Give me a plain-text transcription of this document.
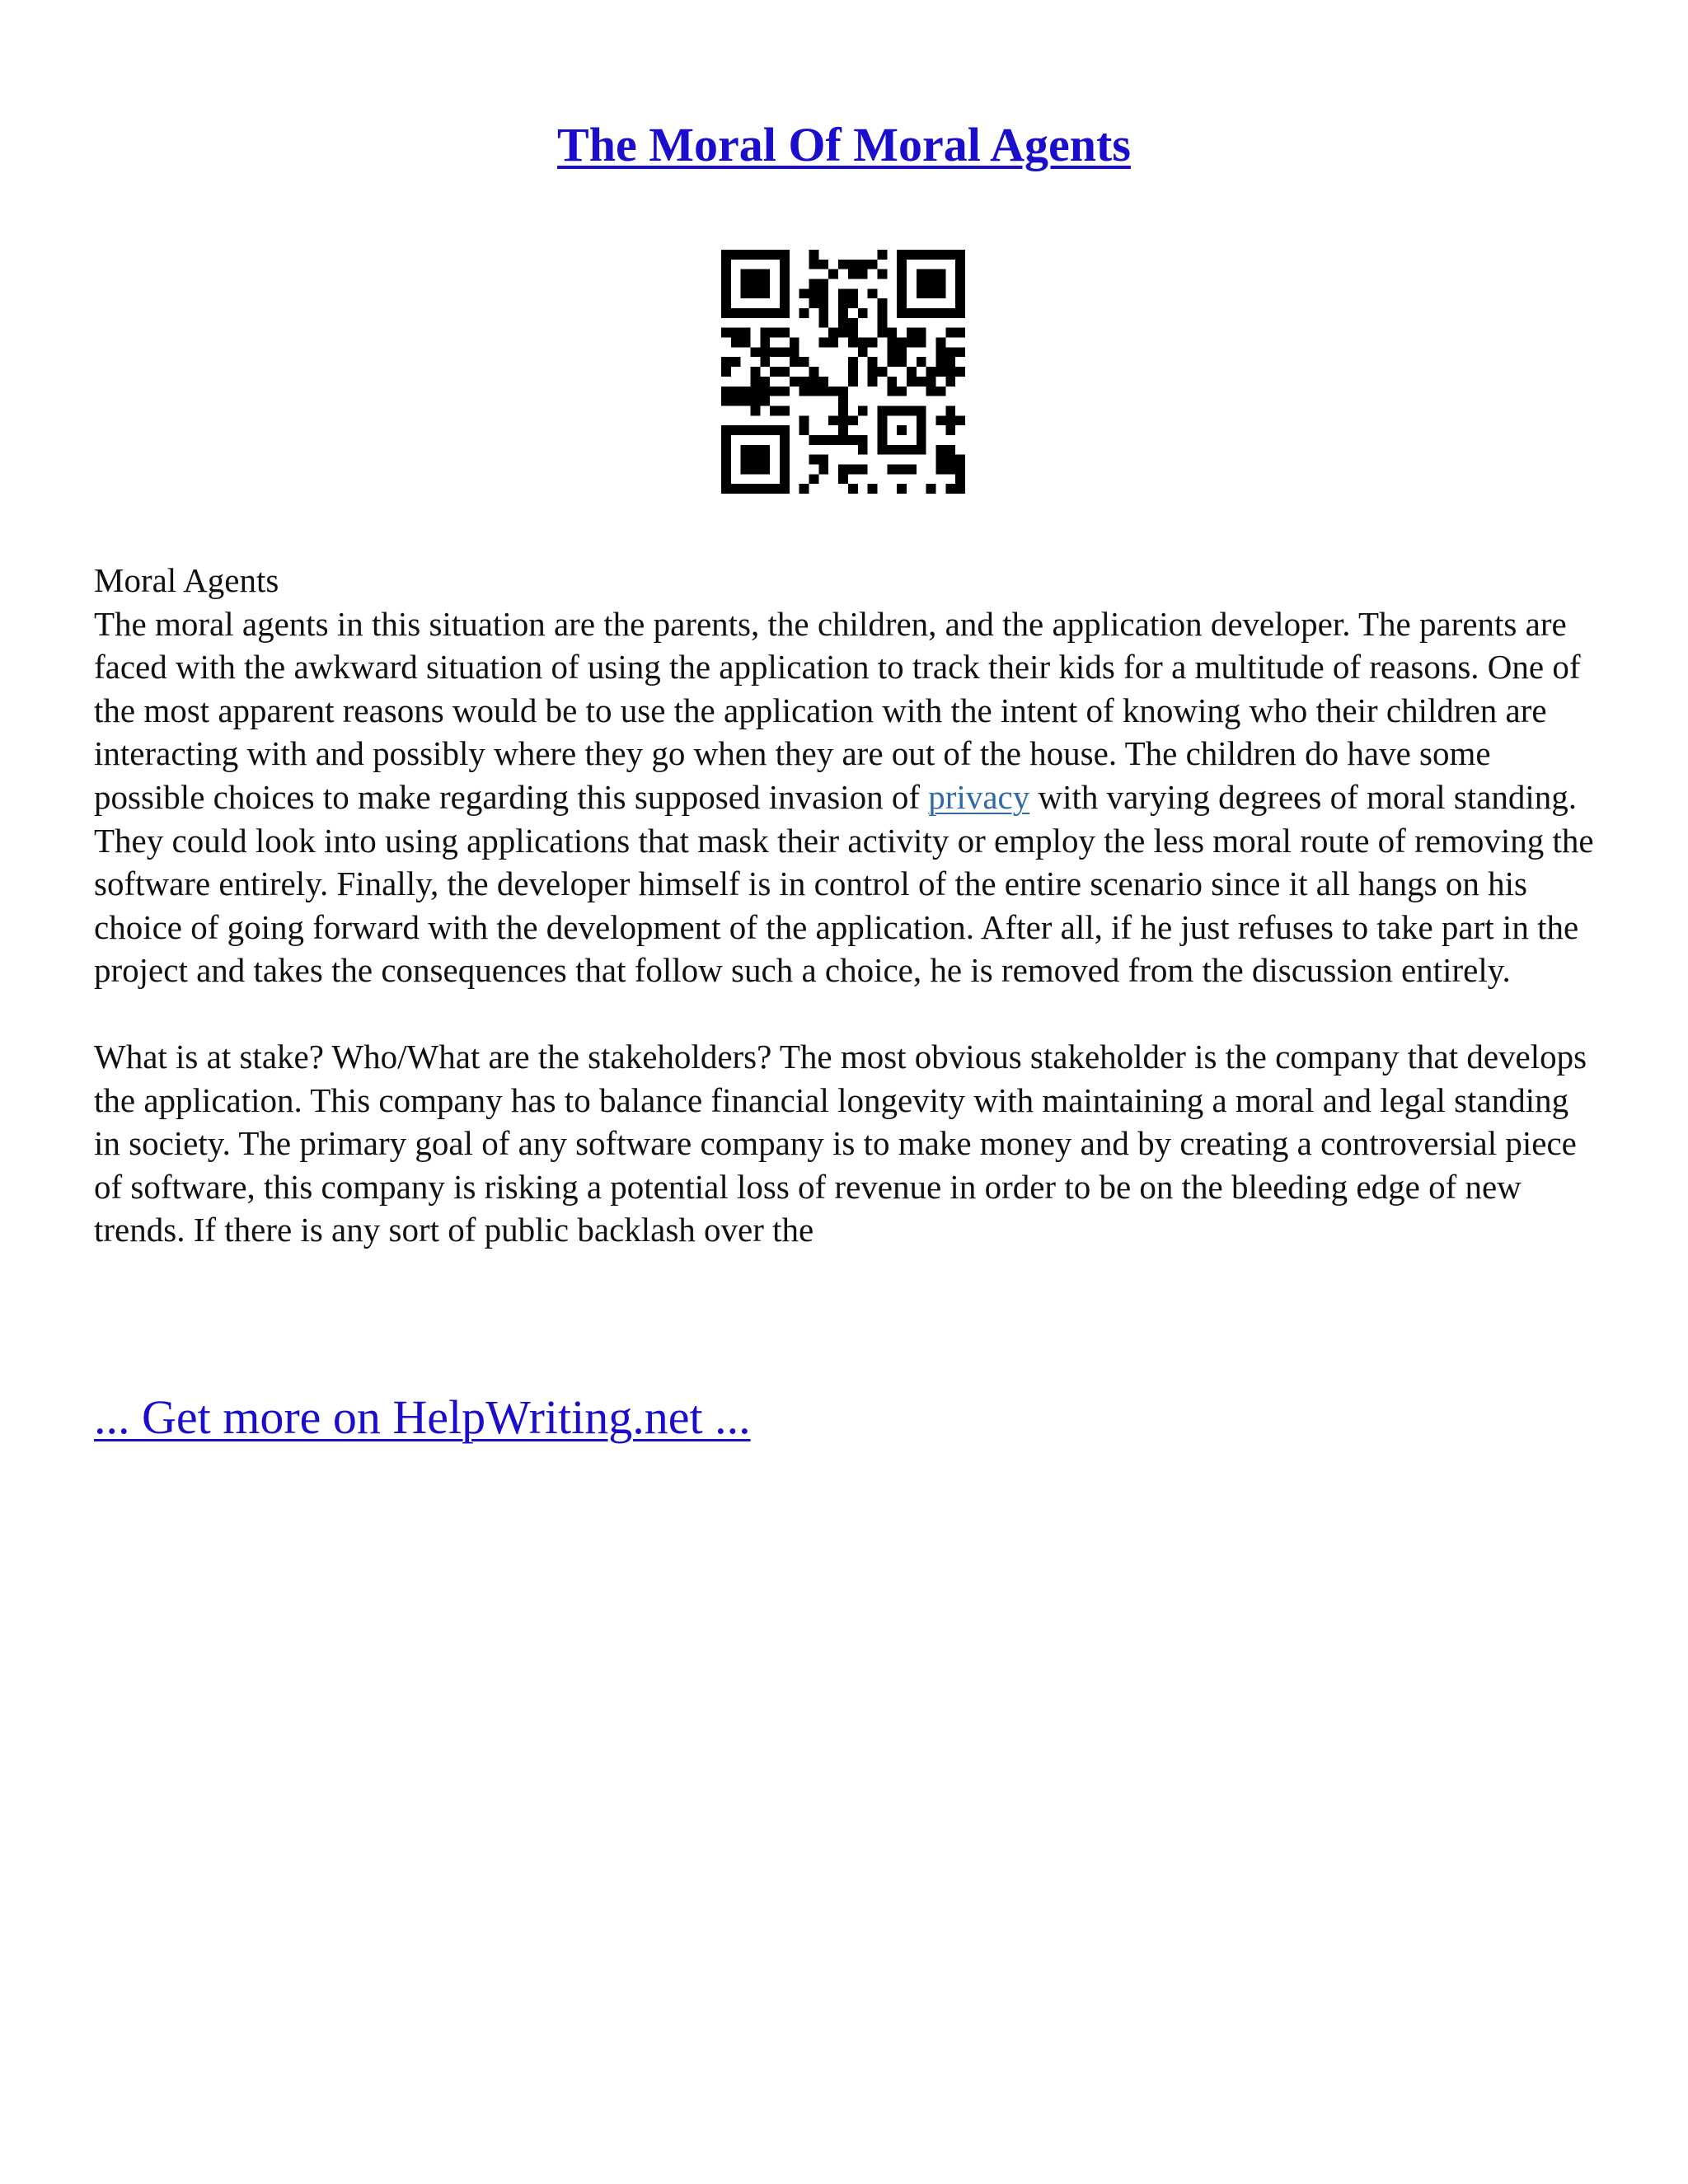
The Moral Of Moral Agents

Moral Agents

The moral agents in this situation are the parents, the children, and the application developer. The parents are faced with the awkward situation of using the application to track their kids for a multitude of reasons. One of the most apparent reasons would be to use the application with the intent of knowing who their children are interacting with and possibly where they go when they are out of the house. The children do have some possible choices to make regarding this supposed invasion of privacy with varying degrees of moral standing. They could look into using applications that mask their activity or employ the less moral route of removing the software entirely. Finally, the developer himself is in control of the entire scenario since it all hangs on his choice of going forward with the development of the application. After all, if he just refuses to take part in the project and takes the consequences that follow such a choice, he is removed from the discussion entirely.

What is at stake? Who/What are the stakeholders? The most obvious stakeholder is the company that develops the application. This company has to balance financial longevity with maintaining a moral and legal standing in society. The primary goal of any software company is to make money and by creating a controversial piece of software, this company is risking a potential loss of revenue in order to be on the bleeding edge of new trends. If there is any sort of public backlash over the

... Get more on HelpWriting.net ...
